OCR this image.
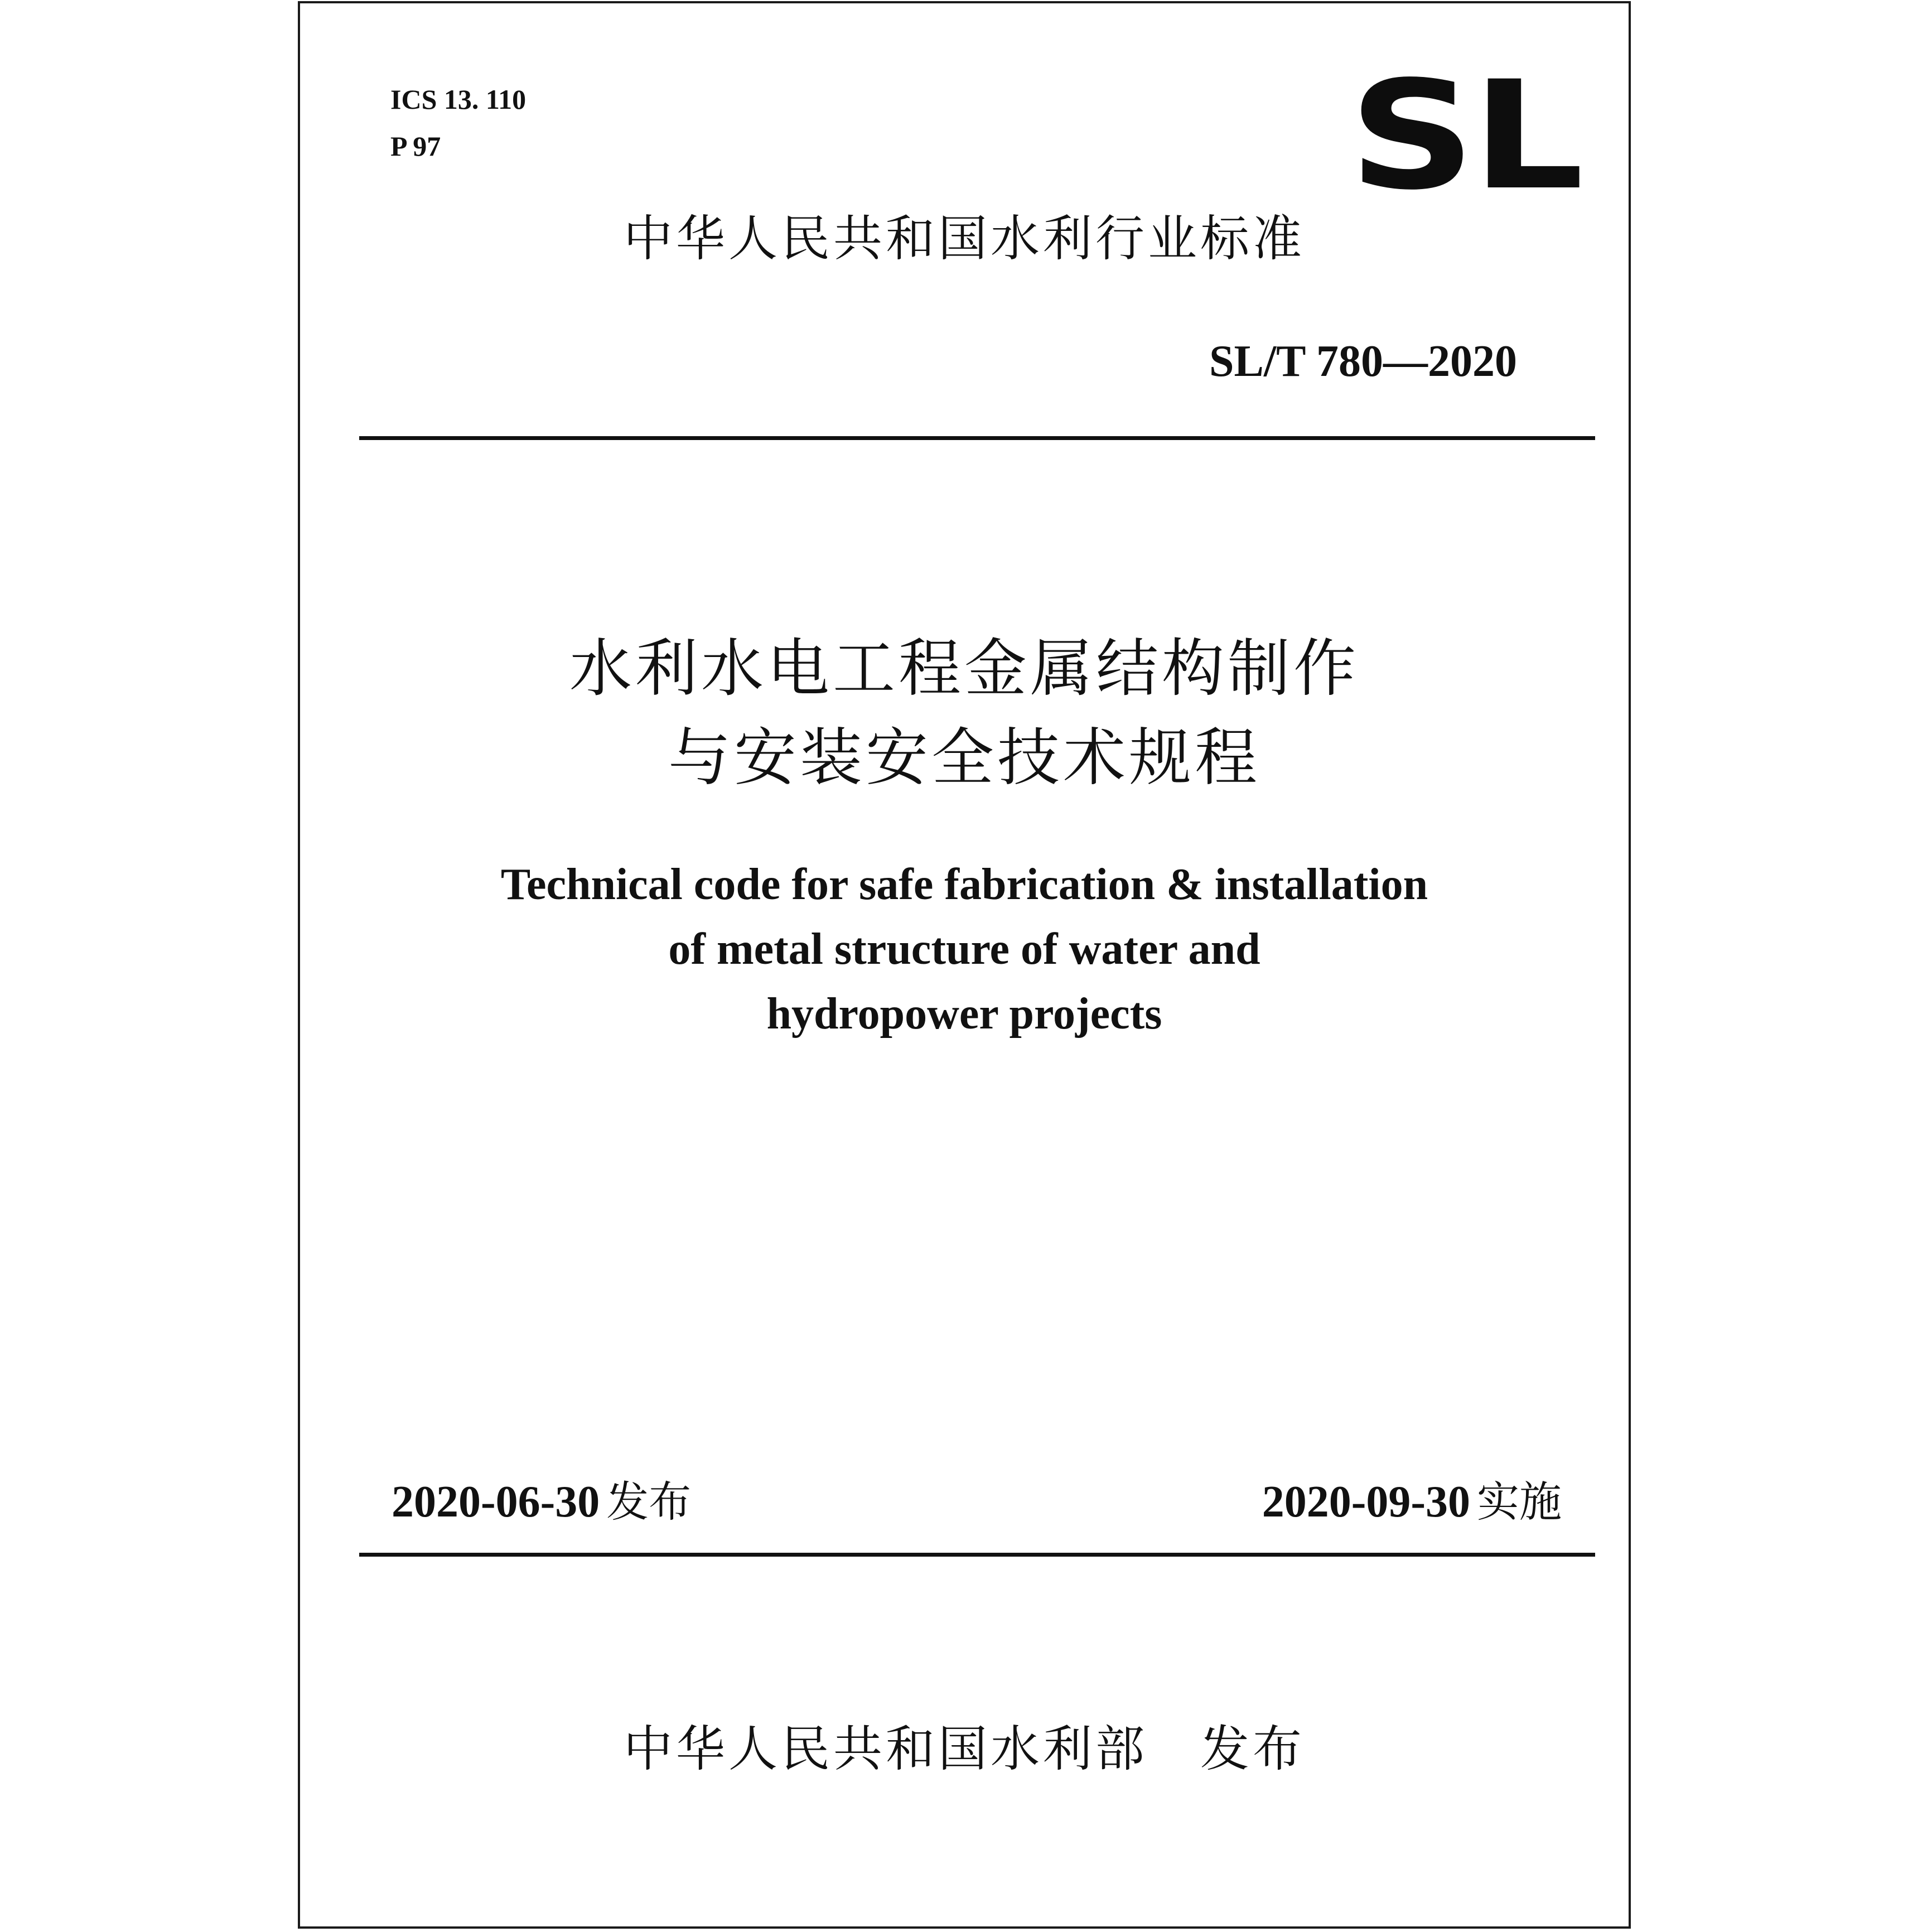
ICS 13. 110
P 97	SL
中华人民共和国水利行业标准
SL/T 780—2020
水利水电工程金属结构制作
与安装安全技术规程
Technical code for safe fabrication & installation
of metal structure of water and
hydropower projects
2020-06-30 发布	2020-09-30 实施
中华人民共和国水利部　 发布
